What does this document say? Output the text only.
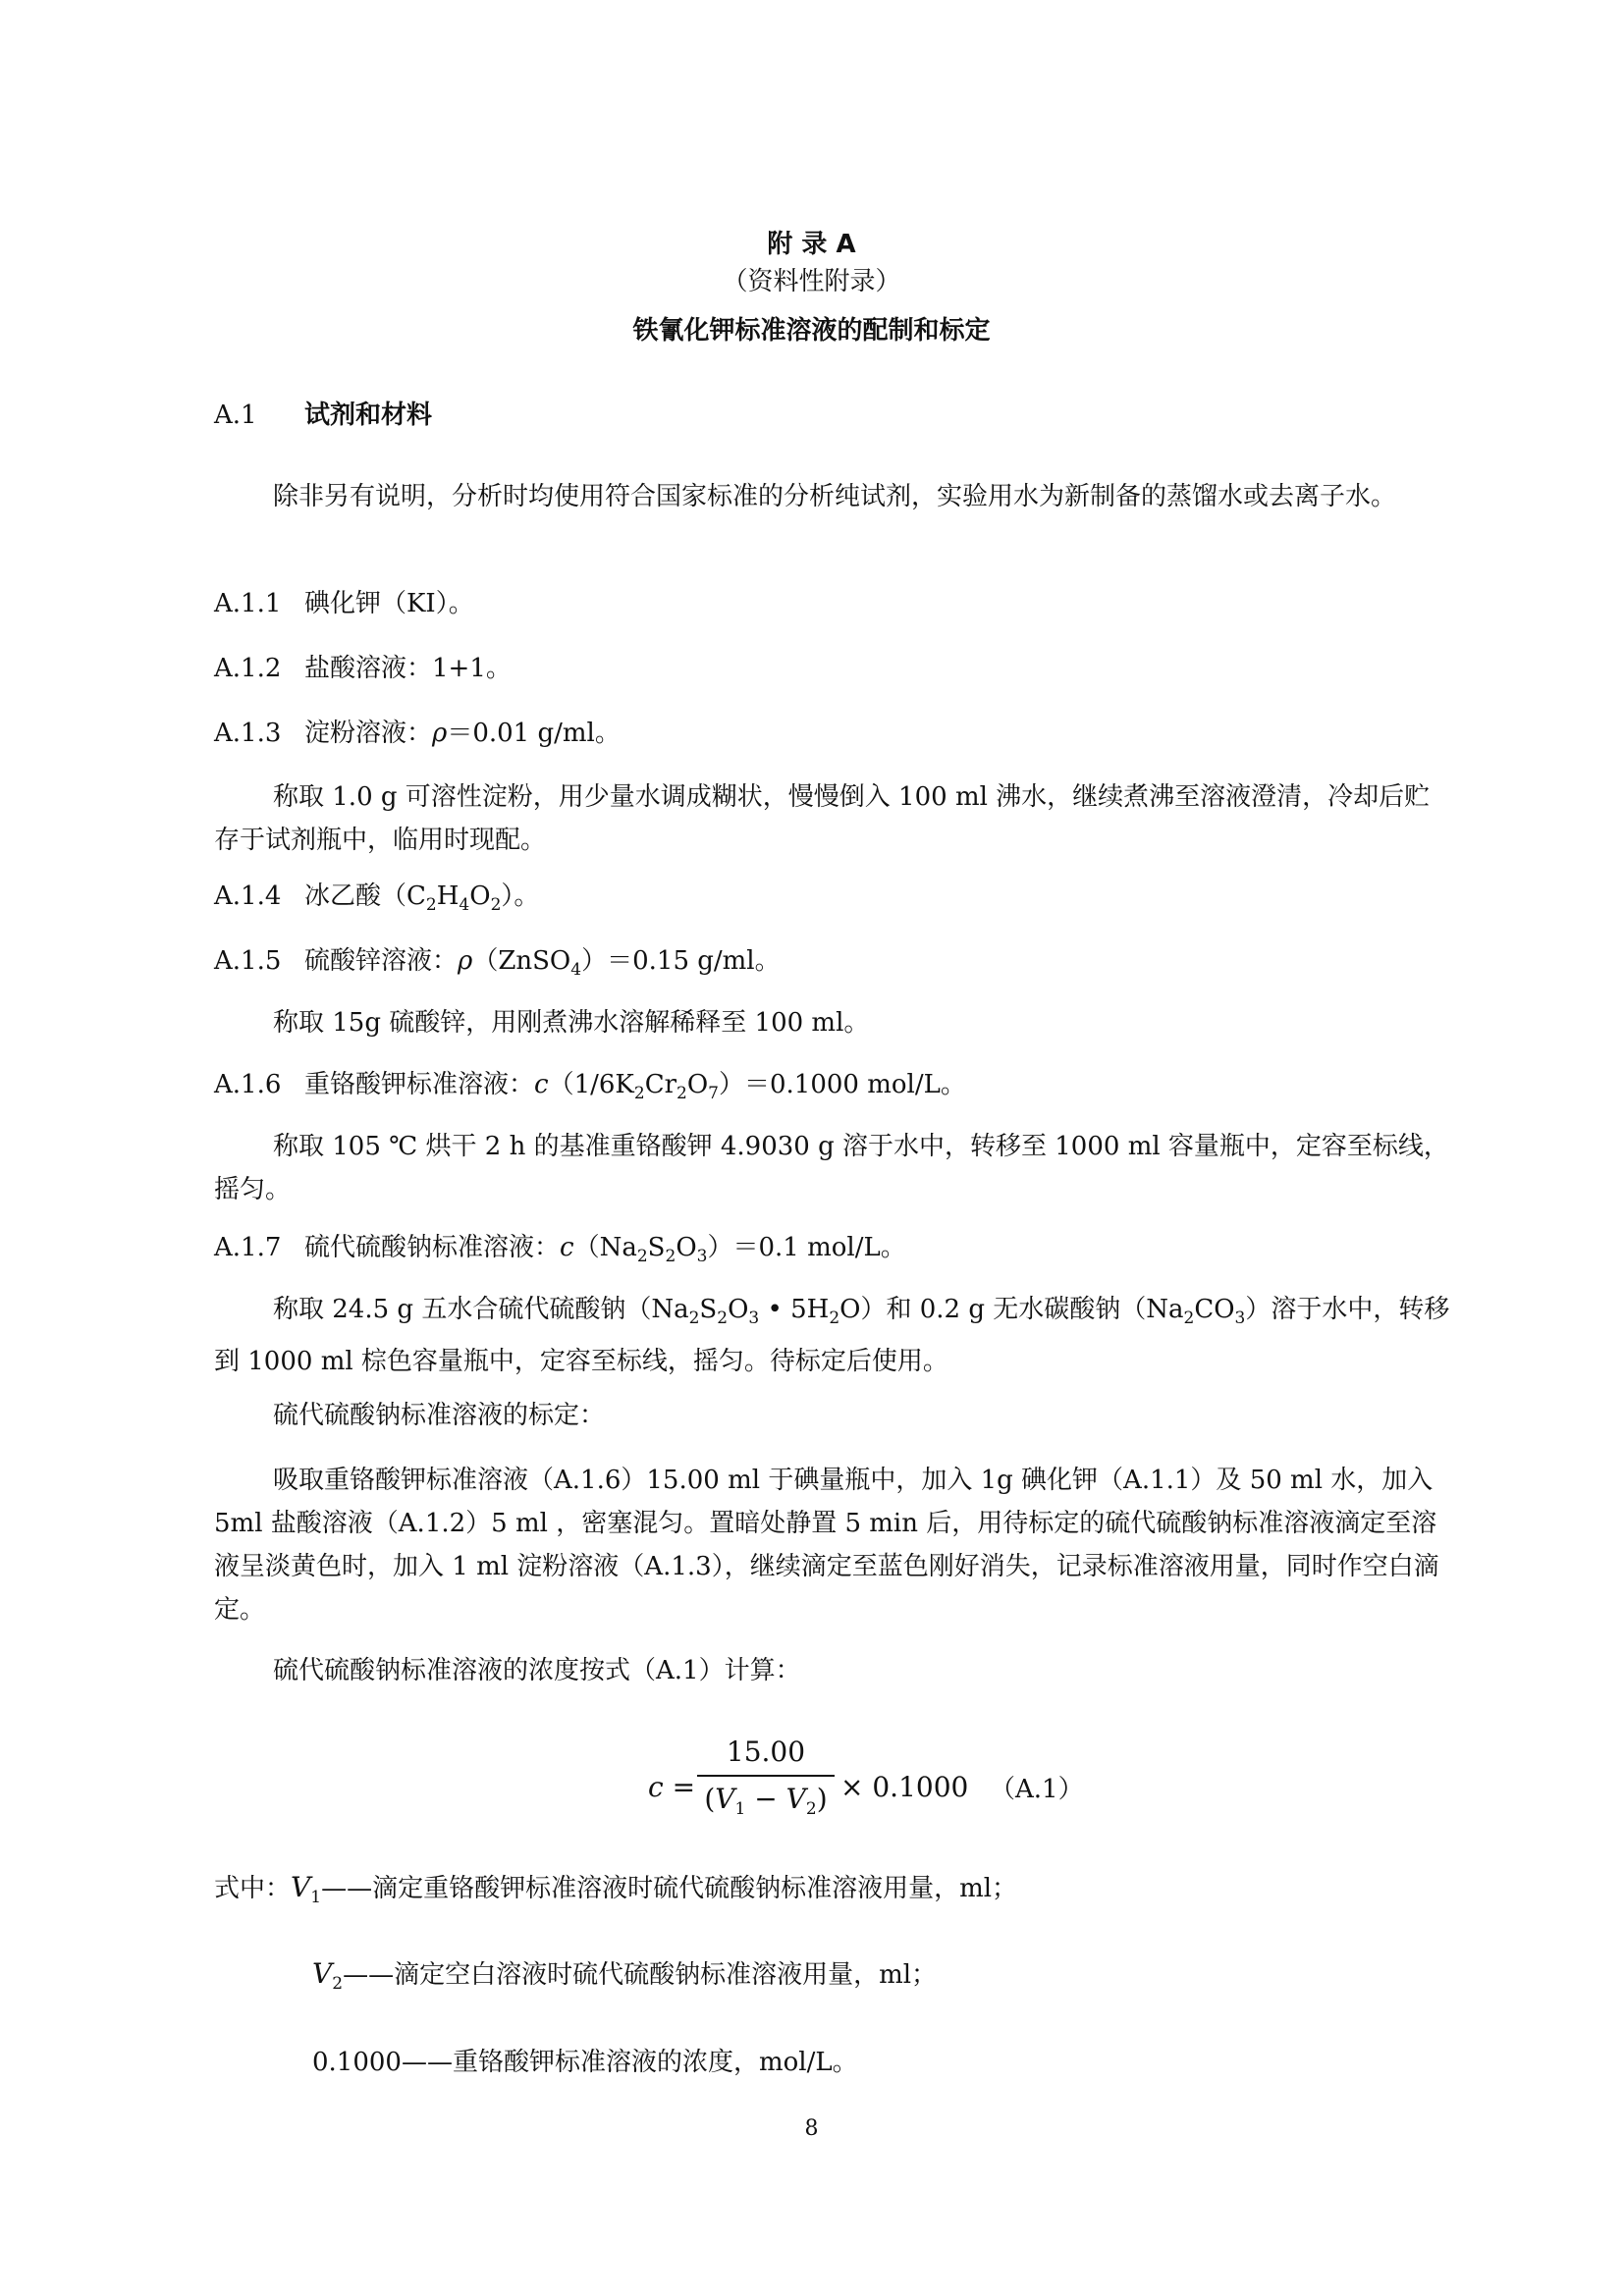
附 录 A
（资料性附录）
铁氰化钾标准溶液的配制和标定
A.1 试剂和材料
除非另有说明，分析时均使用符合国家标准的分析纯试剂，实验用水为新制备的蒸馏水或去离子水。
A.1.1 碘化钾（KI）。
A.1.2 盐酸溶液：1+1。
A.1.3 淀粉溶液：ρ＝0.01 g/ml。
称取 1.0 g 可溶性淀粉，用少量水调成糊状，慢慢倒入 100 ml 沸水，继续煮沸至溶液澄清，冷却后贮存于试剂瓶中，临用时现配。
A.1.4 冰乙酸$(C_2H_4O_2)$。
A.1.5 硫酸锌溶液：ρ（ZnSO$_4$）＝0.15 g/ml。
称取 15g 硫酸锌，用刚煮沸水溶解稀释至 100 ml。
A.1.6 重铬酸钾标准溶液：$c(1/6K_2Cr_2O_7)=0.1000$ mol/L。
称取 105 ℃ 烘干 2 h 的基准重铬酸钾 4.9030 g 溶于水中，转移至 1000 ml 容量瓶中，定容至标线，摇匀。
A.1.7 硫代硫酸钠标准溶液：$c(Na_2S_2O_3)=0.1$ mol/L。
称取 24.5 g 五水合硫代硫酸钠（$Na_2S_2O_3$ • $5H_2O$）和 0.2 g 无水碳酸钠$(Na_2CO_3)$溶于水中，转移到 1000 ml 棕色容量瓶中，定容至标线，摇匀。待标定后使用。
硫代硫酸钠标准溶液的标定：
吸取重铬酸钾标准溶液（A.1.6）15.00 ml 于碘量瓶中，加入 1g 碘化钾（A.1.1）及 50 ml 水，加入 5ml 盐酸溶液（A.1.2）5 ml ，密塞混匀。置暗处静置 5 min 后，用待标定的硫代硫酸钠标准溶液滴定至溶液呈淡黄色时，加入 1 ml 淀粉溶液（A.1.3），继续滴定至蓝色刚好消失，记录标准溶液用量，同时作空白滴定。
硫代硫酸钠标准溶液的浓度按式（A.1）计算：
c =
15.00
$(V_1 - V_2) \times 0.1000$ （A.1）
式中：$V_1——$滴定重铬酸钾标准溶液时硫代硫酸钠标准溶液用量，ml；
$V_2——$滴定空白溶液时硫代硫酸钠标准溶液用量，ml；
0.1000——重铬酸钾标准溶液的浓度，mol/L。
8
